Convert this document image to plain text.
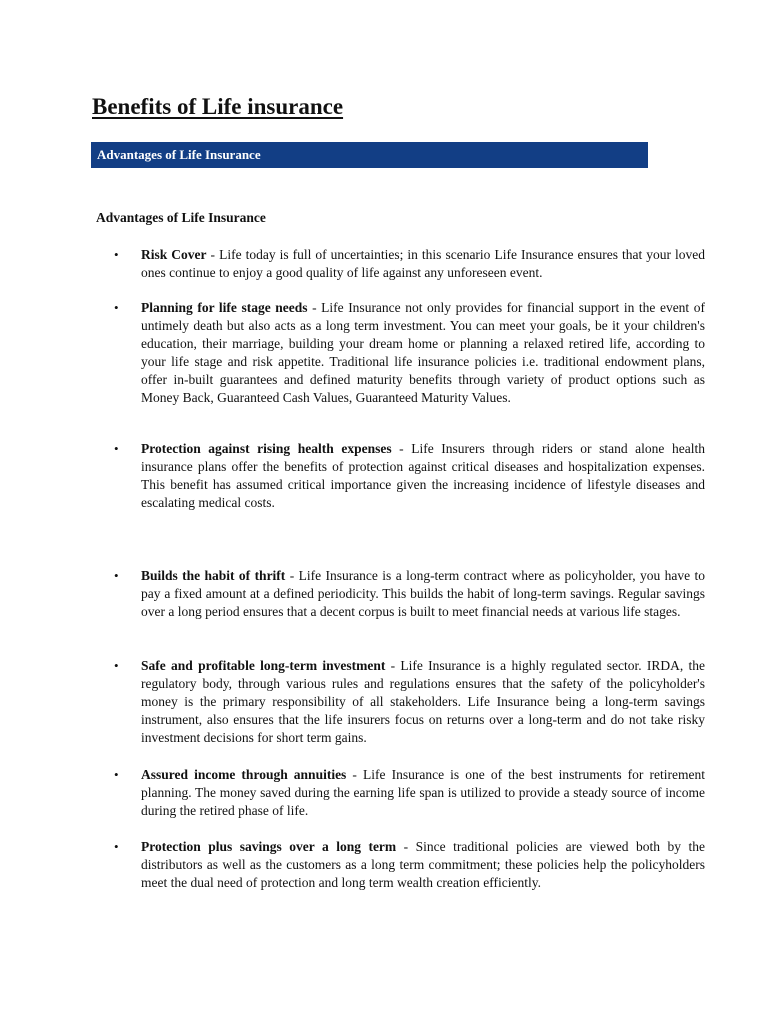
Benefits of Life insurance
Advantages of Life Insurance
Advantages of Life Insurance
•	Risk Cover - Life today is full of uncertainties; in this scenario Life Insurance ensures that your loved ones continue to enjoy a good quality of life against any unforeseen event.
•	Planning for life stage needs - Life Insurance not only provides for financial support in the event of untimely death but also acts as a long term investment. You can meet your goals, be it your children's education, their marriage, building your dream home or planning a relaxed retired life, according to your life stage and risk appetite. Traditional life insurance policies i.e. traditional endowment plans, offer in-built guarantees and defined maturity benefits through variety of product options such as Money Back, Guaranteed Cash Values, Guaranteed Maturity Values.
•	Protection against rising health expenses - Life Insurers through riders or stand alone health insurance plans offer the benefits of protection against critical diseases and hospitalization expenses. This benefit has assumed critical importance given the increasing incidence of lifestyle diseases and escalating medical costs.
•	Builds the habit of thrift - Life Insurance is a long-term contract where as policyholder, you have to pay a fixed amount at a defined periodicity. This builds the habit of long-term savings. Regular savings over a long period ensures that a decent corpus is built to meet financial needs at various life stages.
•	Safe and profitable long-term investment - Life Insurance is a highly regulated sector. IRDA, the regulatory body, through various rules and regulations ensures that the safety of the policyholder's money is the primary responsibility of all stakeholders. Life Insurance being a long-term savings instrument, also ensures that the life insurers focus on returns over a long-term and do not take risky investment decisions for short term gains.
•	Assured income through annuities - Life Insurance is one of the best instruments for retirement planning. The money saved during the earning life span is utilized to provide a steady source of income during the retired phase of life.
•	Protection plus savings over a long term - Since traditional policies are viewed both by the distributors as well as the customers as a long term commitment; these policies help the policyholders meet the dual need of protection and long term wealth creation efficiently.
